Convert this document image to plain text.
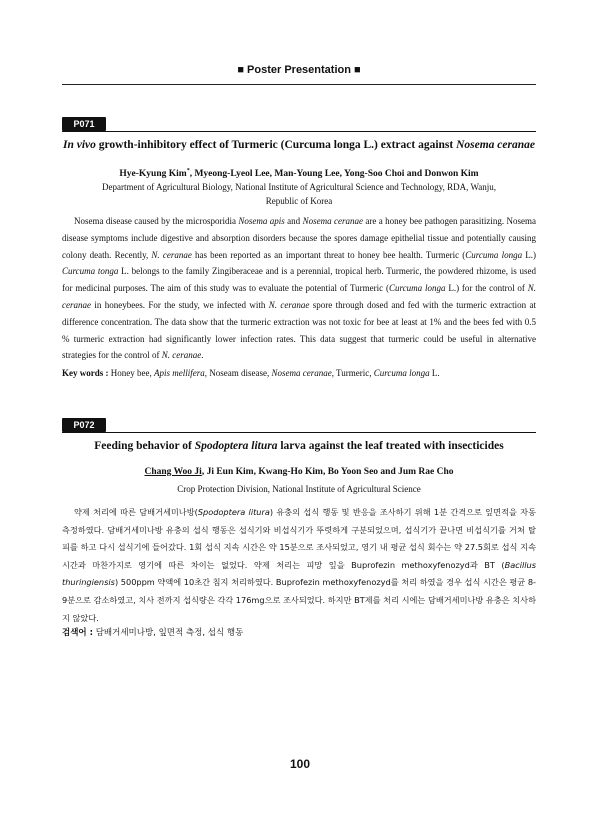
■ Poster Presentation ■
P071
In vivo growth-inhibitory effect of Turmeric (Curcuma longa L.) extract against Nosema ceranae
Hye-Kyung Kim*, Myeong-Lyeol Lee, Man-Young Lee, Yong-Soo Choi and Donwon Kim
Department of Agricultural Biology, National Institute of Agricultural Science and Technology, RDA, Wanju,
Republic of Korea
Nosema disease caused by the microsporidia Nosema apis and Nosema ceranae are a honey bee pathogen parasitizing. Nosema disease symptoms include digestive and absorption disorders because the spores damage epithelial tissue and potentially causing colony death. Recently, N. ceranae has been reported as an important threat to honey bee health. Turmeric (Curcuma longa L.) Curcuma tonga L. belongs to the family Zingiberaceae and is a perennial, tropical herb. Turmeric, the powdered rhizome, is used for medicinal purposes. The aim of this study was to evaluate the potential of Turmeric (Curcuma longa L.) for the control of N. ceranae in honeybees. For the study, we infected with N. ceranae spore through dosed and fed with the turmeric extraction at difference concentration. The data show that the turmeric extraction was not toxic for bee at least at 1% and the bees fed with 0.5 % turmeric extraction had significantly lower infection rates. This data suggest that turmeric could be useful in alternative strategies for the control of N. ceranae.
Key words : Honey bee, Apis mellifera, Noseam disease, Nosema ceranae, Turmeric, Curcuma longa L.
P072
Feeding behavior of Spodoptera litura larva against the leaf treated with insecticides
Chang Woo Ji, Ji Eun Kim, Kwang-Ho Kim, Bo Yoon Seo and Jum Rae Cho
Crop Protection Division, National Institute of Agricultural Science
약제 처리에 따른 담배거세미나방(Spodoptera litura) 유충의 섭식 행동 및 반응을 조사하기 위해 1분 간격으로 잎면적을 자동 측정하였다. 담배거세미나방 유충의 섭식 행동은 섭식기와 비섭식기가 뚜렷하게 구분되었으며, 섭식기가 끝나면 비섭식기를 거쳐 탈피를 하고 다시 섭식기에 들어갔다. 1회 섭식 지속 시간은 약 15분으로 조사되었고, 영기 내 평균 섭식 회수는 약 27.5회로 섭식 지속 시간과 마찬가지로 영기에 따른 차이는 없었다. 약제 처리는 피망 잎을 Buprofezin methoxyfenozyd과 BT (Bacillus thuringiensis) 500ppm 약액에 10초간 침지 처리하였다. Buprofezin methoxyfenozyd를 처리 하였을 경우 섭식 시간은 평균 8-9분으로 감소하였고, 치사 전까지 섭식량은 각각 176mg으로 조사되었다. 하지만 BT제를 처리 시에는 담배거세미나방 유충은 치사하지 않았다.
검색어 : 담배거세미나방, 잎면적 측정, 섭식 행동
100
